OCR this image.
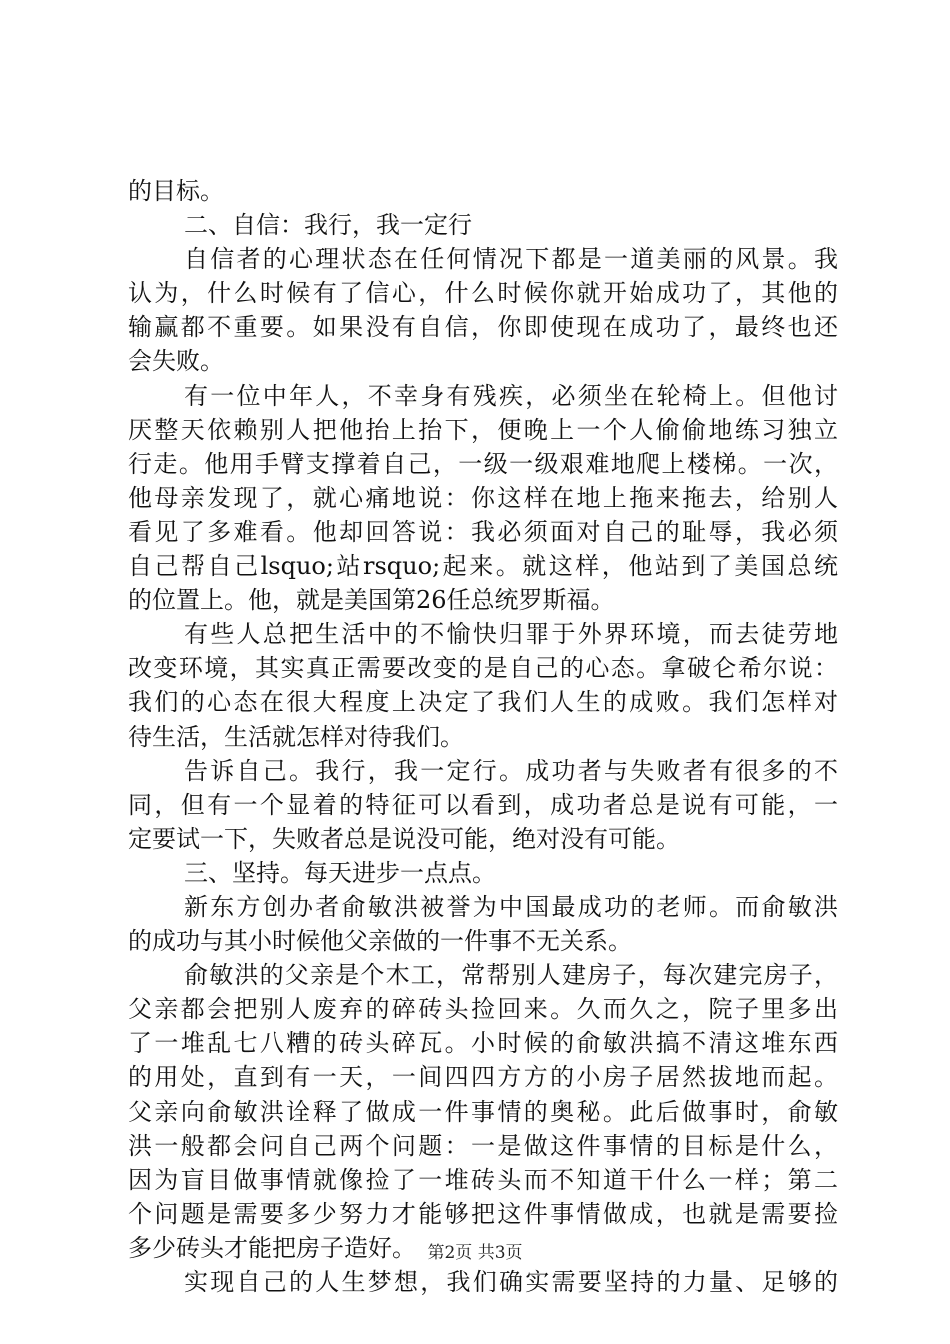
的目标。
二、自信：我行，我一定行
自信者的心理状态在任何情况下都是一道美丽的风景。我
认为，什么时候有了信心，什么时候你就开始成功了，其他的
输赢都不重要。如果没有自信，你即使现在成功了，最终也还
会失败。
有一位中年人，不幸身有残疾，必须坐在轮椅上。但他讨
厌整天依赖别人把他抬上抬下，便晚上一个人偷偷地练习独立
行走。他用手臂支撑着自己，一级一级艰难地爬上楼梯。一次，
他母亲发现了，就心痛地说：你这样在地上拖来拖去，给别人
看见了多难看。他却回答说：我必须面对自己的耻辱，我必须
自己帮自己lsquo;站rsquo;起来。就这样，他站到了美国总统
的位置上。他，就是美国第26任总统罗斯福。
有些人总把生活中的不愉快归罪于外界环境，而去徒劳地
改变环境，其实真正需要改变的是自己的心态。拿破仑希尔说：
我们的心态在很大程度上决定了我们人生的成败。我们怎样对
待生活，生活就怎样对待我们。
告诉自己。我行，我一定行。成功者与失败者有很多的不
同，但有一个显着的特征可以看到，成功者总是说有可能，一
定要试一下，失败者总是说没可能，绝对没有可能。
三、坚持。每天进步一点点。
新东方创办者俞敏洪被誉为中国最成功的老师。而俞敏洪
的成功与其小时候他父亲做的一件事不无关系。
俞敏洪的父亲是个木工，常帮别人建房子，每次建完房子，
父亲都会把别人废弃的碎砖头捡回来。久而久之，院子里多出
了一堆乱七八糟的砖头碎瓦。小时候的俞敏洪搞不清这堆东西
的用处，直到有一天，一间四四方方的小房子居然拔地而起。
父亲向俞敏洪诠释了做成一件事情的奥秘。此后做事时，俞敏
洪一般都会问自己两个问题：一是做这件事情的目标是什么，
因为盲目做事情就像捡了一堆砖头而不知道干什么一样；第二
个问题是需要多少努力才能够把这件事情做成，也就是需要捡
多少砖头才能把房子造好。
实现自己的人生梦想，我们确实需要坚持的力量、足够的
第2页 共3页
